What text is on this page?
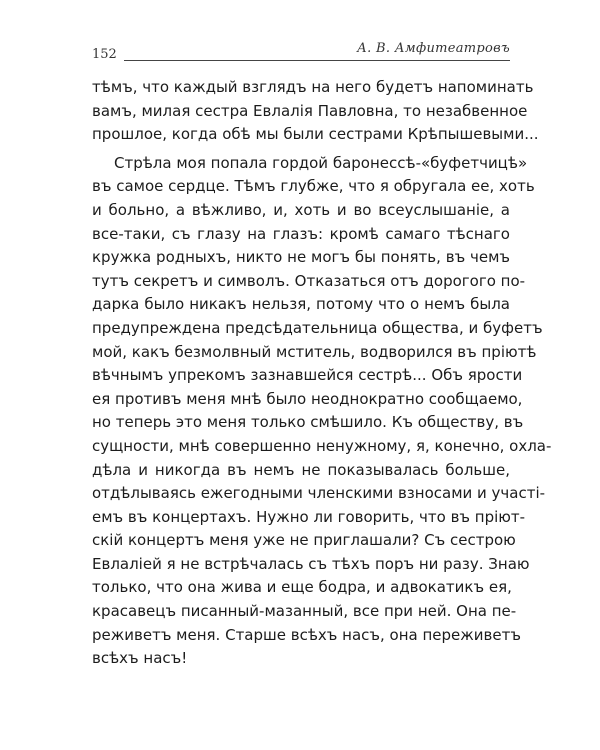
152	А. В. Амфитеатровъ
тѣмъ, что каждый взглядъ на него будетъ напоминать
вамъ, милая сестра Евлалія Павловна, то незабвенное
прошлое, когда обѣ мы были сестрами Крѣпышевыми...
Стрѣла моя попала гордой баронессѣ-«буфетчицѣ»
въ самое сердце. Тѣмъ глубже, что я обругала ее, хоть
и больно, а вѣжливо, и, хоть и во всеуслышаніе, а
все-таки, съ глазу на глазъ: кромѣ самаго тѣснаго
кружка родныхъ, никто не могъ бы понять, въ чемъ
тутъ секретъ и символъ. Отказаться отъ дорогого по-
дарка было никакъ нельзя, потому что о немъ была
предупреждена предсѣдательница общества, и буфетъ
мой, какъ безмолвный мститель, водворился въ пріютѣ
вѣчнымъ упрекомъ зазнавшейся сестрѣ... Объ ярости
ея противъ меня мнѣ было неоднократно сообщаемо,
но теперь это меня только смѣшило. Къ обществу, въ
сущности, мнѣ совершенно ненужному, я, конечно, охла-
дѣла и никогда въ немъ не показывалась больше,
отдѣлываясь ежегодными членскими взносами и участі-
емъ въ концертахъ. Нужно ли говорить, что въ пріют-
скій концертъ меня уже не приглашали? Съ сестрою
Евлаліей я не встрѣчалась съ тѣхъ поръ ни разу. Знаю
только, что она жива и еще бодра, и адвокатикъ ея,
красавецъ писанный-мазанный, все при ней. Она пе-
реживетъ меня. Старше всѣхъ насъ, она переживетъ
всѣхъ насъ!
